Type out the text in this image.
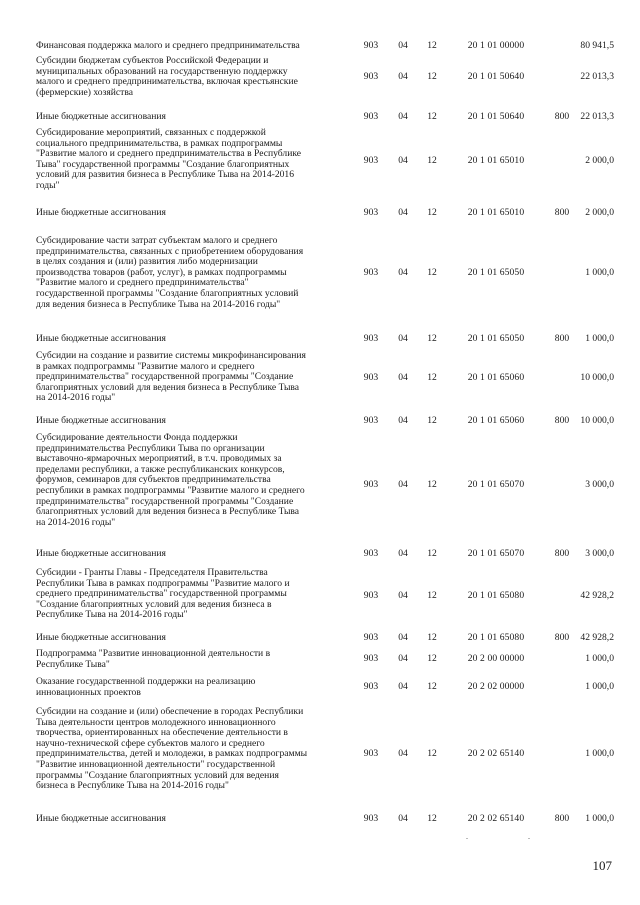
Финансовая поддержка малого и среднего предпринимательства	903	04	12	20 1 01 00000	80 941,5
Субсидии бюджетам субъектов Российской Федерации и
муниципальных образований на государственную поддержку
малого и среднего предпринимательства, включая крестьянские
(фермерские) хозяйства
903	04	12	20 1 01 50640	22 013,3
Иные бюджетные ассигнования	903	04	12	20 1 01 50640	800	22 013,3
Субсидирование мероприятий, связанных с поддержкой
социального предпринимательства, в рамках подпрограммы
"Развитие малого и среднего предпринимательства в Республике
Тыва" государственной программы "Создание благоприятных
условий для развития бизнеса в Республике Тыва на 2014-2016
годы"
903	04	12	20 1 01 65010	2 000,0
Иные бюджетные ассигнования	903	04	12	20 1 01 65010	800	2 000,0
Субсидирование части затрат субъектам малого и среднего
предпринимательства, связанных с приобретением оборудования
в целях создания и (или) развития либо модернизации
производства товаров (работ, услуг), в рамках подпрограммы
"Развитие малого и среднего предпринимательства"
государственной программы "Создание благоприятных условий
для ведения бизнеса в Республике Тыва на 2014-2016 годы"
903	04	12	20 1 01 65050	1 000,0
Иные бюджетные ассигнования	903	04	12	20 1 01 65050	800	1 000,0
Субсидии на создание и развитие системы микрофинансирования
в рамках подпрограммы "Развитие малого и среднего
предпринимательства" государственной программы "Создание
благоприятных условий для ведения бизнеса в Республике Тыва
на 2014-2016 годы"
903	04	12	20 1 01 65060	10 000,0
Иные бюджетные ассигнования	903	04	12	20 1 01 65060	800	10 000,0
Субсидирование деятельности Фонда поддержки
предпринимательства Республики Тыва по организации
выставочно-ярмарочных мероприятий, в т.ч. проводимых за
пределами республики, а также республиканских конкурсов,
форумов, семинаров для субъектов предпринимательства
республики в рамках подпрограммы "Развитие малого и среднего
предпринимательства" государственной программы "Создание
благоприятных условий для ведения бизнеса в Республике Тыва
на 2014-2016 годы"
903	04	12	20 1 01 65070	3 000,0
Иные бюджетные ассигнования	903	04	12	20 1 01 65070	800	3 000,0
Субсидии - Гранты Главы - Председателя Правительства
Республики Тыва в рамках подпрограммы "Развитие малого и
среднего предпринимательства" государственной программы
"Создание благоприятных условий для ведения бизнеса в
Республике Тыва на 2014-2016 годы"
903	04	12	20 1 01 65080	42 928,2
Иные бюджетные ассигнования	903	04	12	20 1 01 65080	800	42 928,2
Подпрограмма "Развитие инновационной деятельности в
Республике Тыва"
903	04	12	20 2 00 00000	1 000,0
Оказание государственной поддержки на реализацию
инновационных проектов
903	04	12	20 2 02 00000	1 000,0
Субсидии на создание и (или) обеспечение в городах Республики
Тыва деятельности центров молодежного инновационного
творчества, ориентированных на обеспечение деятельности в
научно-технической сфере субъектов малого и среднего
предпринимательства, детей и молодежи, в рамках подпрограммы
"Развитие инновационной деятельности" государственной
программы "Создание благоприятных условий для ведения
бизнеса в Республике Тыва на 2014-2016 годы"
903	04	12	20 2 02 65140	1 000,0
Иные бюджетные ассигнования	903	04	12	20 2 02 65140	800	1 000,0
107
